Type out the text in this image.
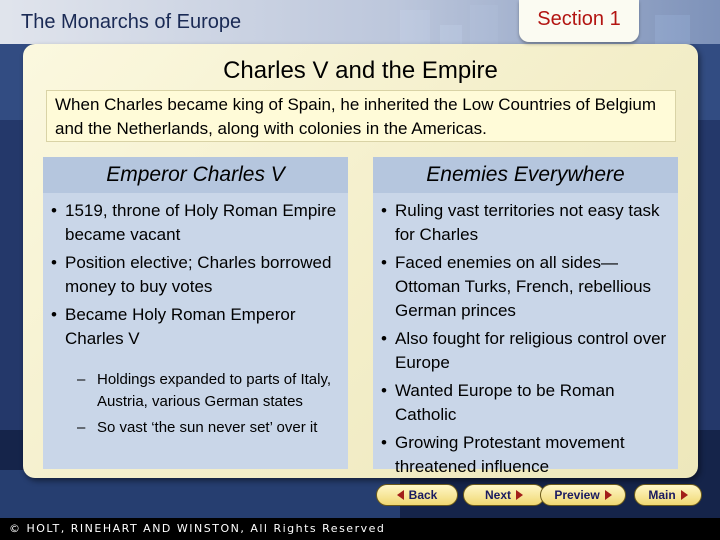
The Monarchs of Europe	Section 1
Charles V and the Empire
When Charles became king of Spain, he inherited the Low Countries of Belgium and the Netherlands, along with colonies in the Americas.
Emperor Charles V
• 1519, throne of Holy Roman Empire became vacant
• Position elective; Charles borrowed money to buy votes
• Became Holy Roman Emperor Charles V
– Holdings expanded to parts of Italy, Austria, various German states
– So vast ‘the sun never set’ over it
Enemies Everywhere
• Ruling vast territories not easy task for Charles
• Faced enemies on all sides—Ottoman Turks, French, rebellious German princes
• Also fought for religious control over Europe
• Wanted Europe to be Roman Catholic
• Growing Protestant movement threatened influence
Back	Next	Preview	Main
© HOLT, RINEHART AND WINSTON, All Rights Reserved
